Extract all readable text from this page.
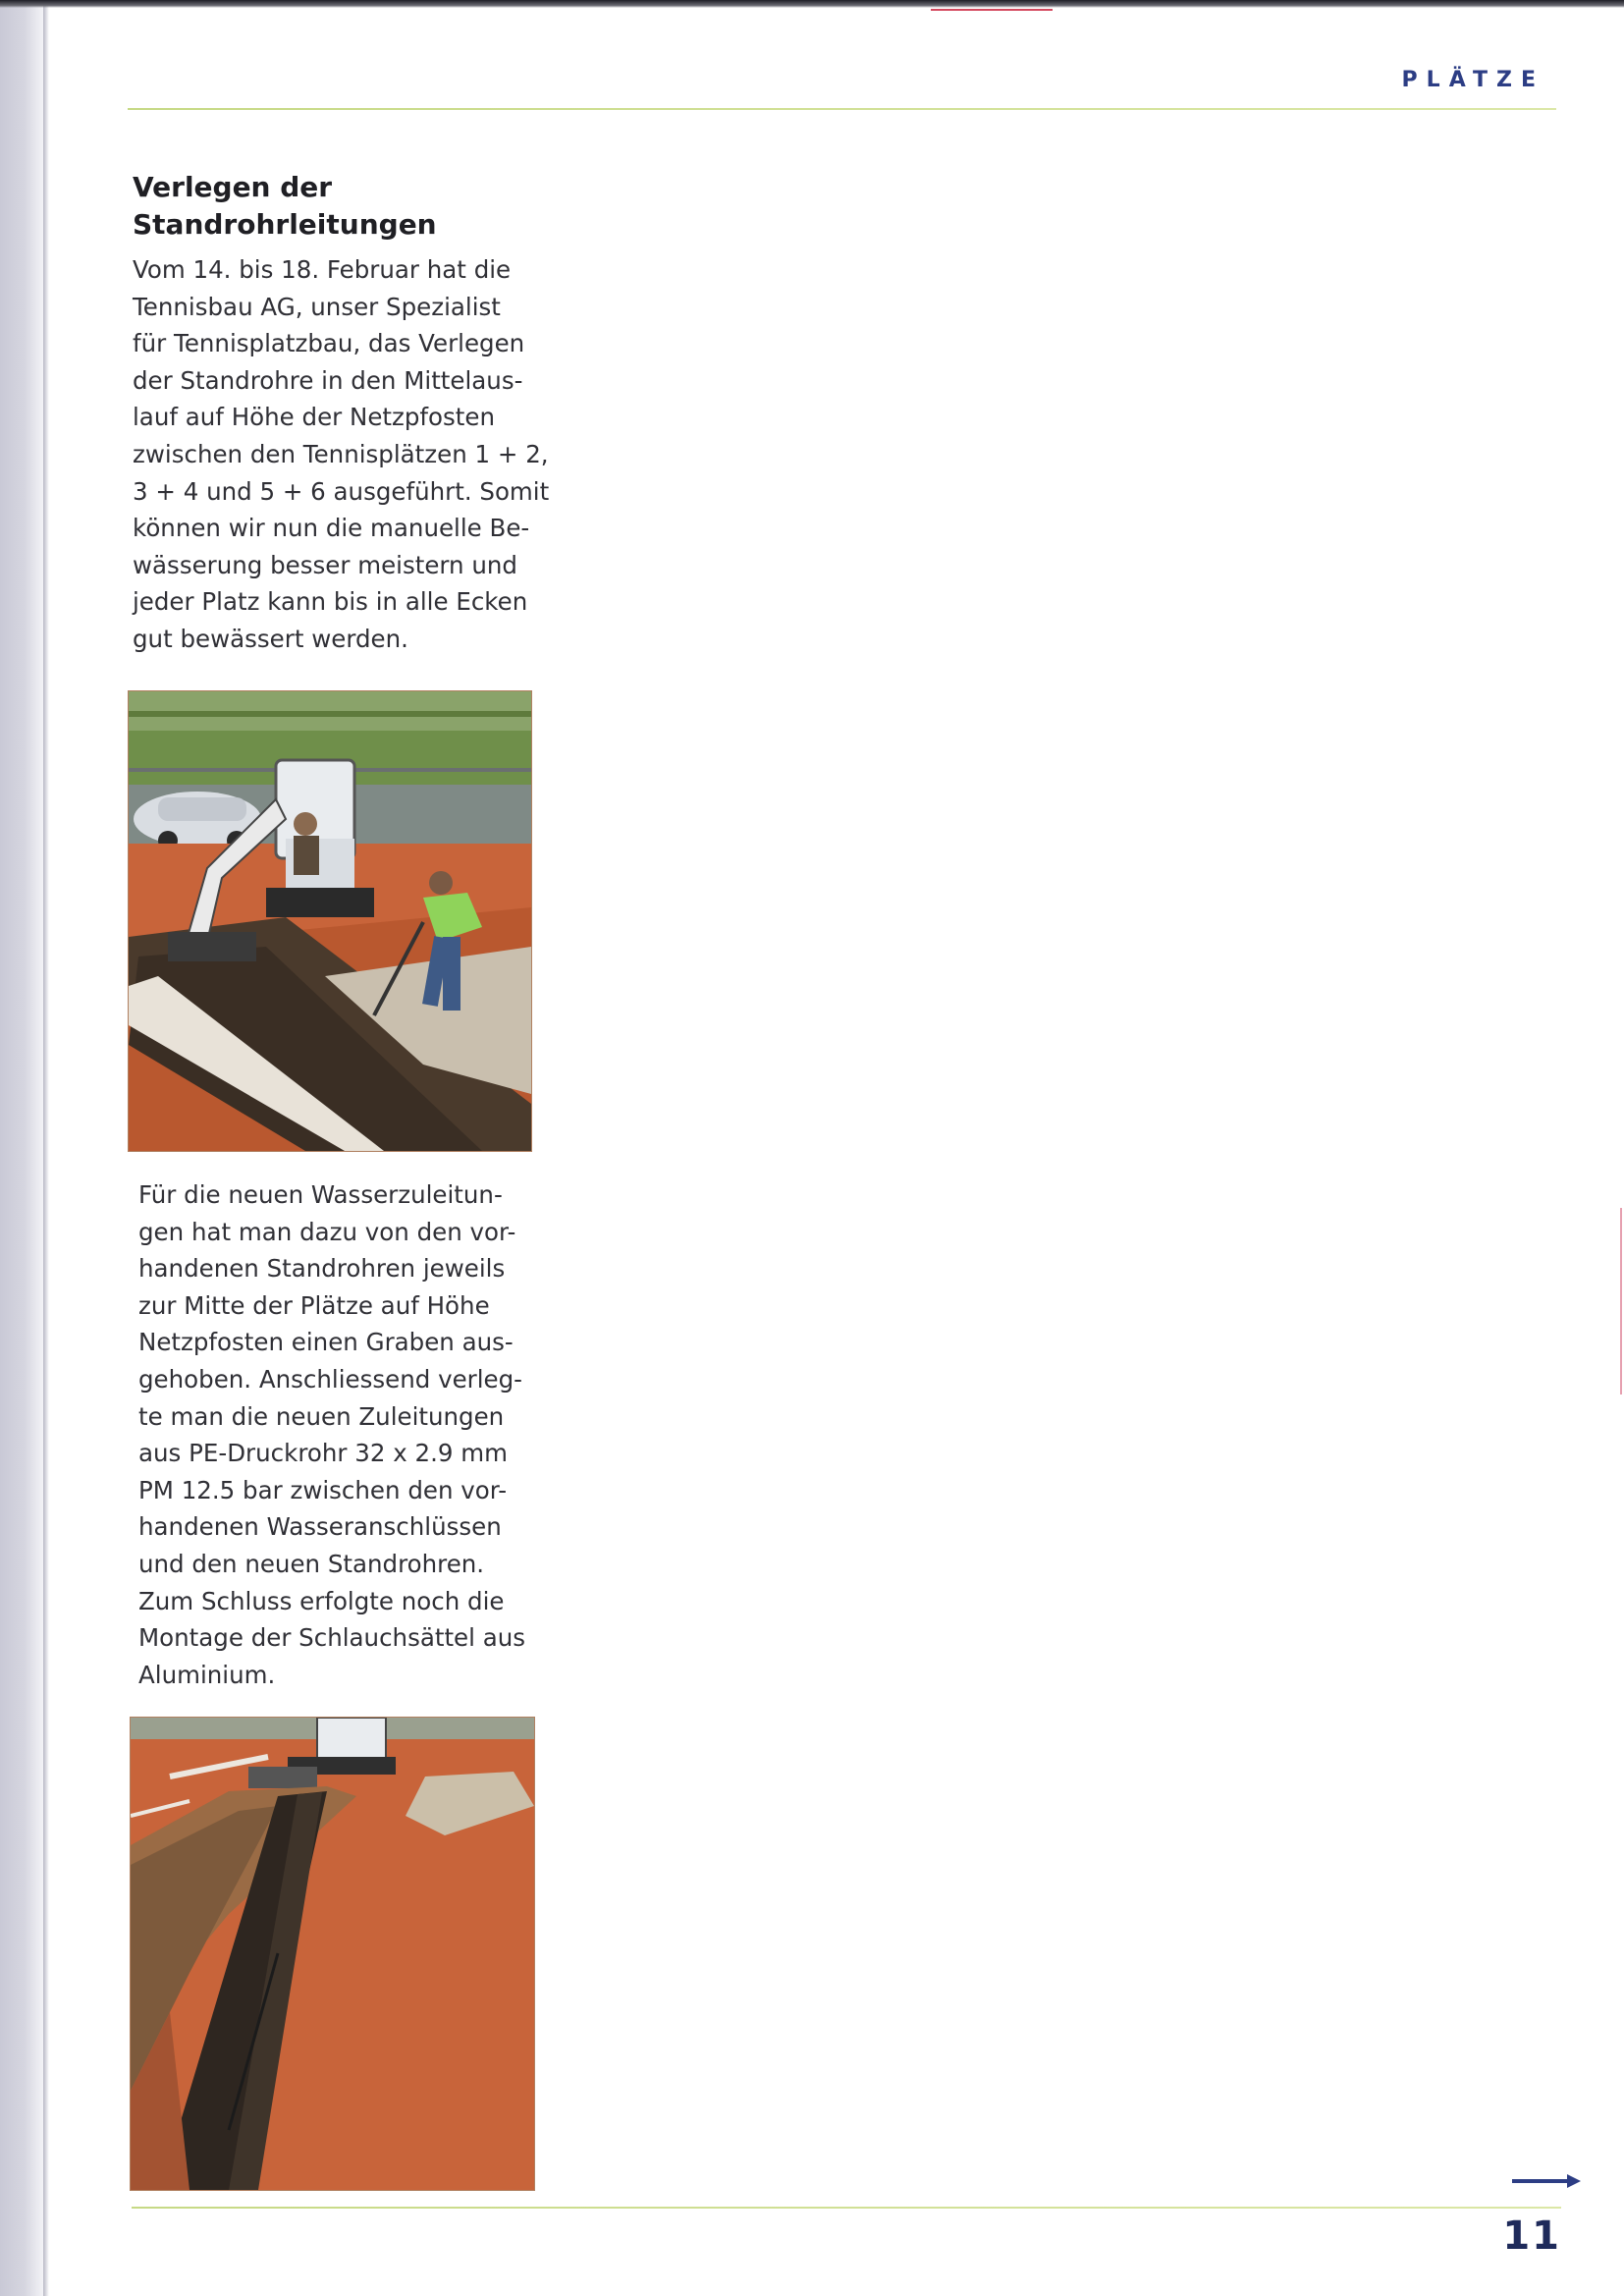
PLÄTZE
Verlegen der
Standrohrleitungen

Vom 14. bis 18. Februar hat die
Tennisbau AG, unser Spezialist
für Tennisplatzbau, das Verlegen
der Standrohre in den Mittelaus-
lauf auf Höhe der Netzpfosten
zwischen den Tennisplätzen 1 + 2,
3 + 4 und 5 + 6 ausgeführt. Somit
können wir nun die manuelle Be-
wässerung besser meistern und
jeder Platz kann bis in alle Ecken
gut bewässert werden.

Für die neuen Wasserzuleitun-
gen hat man dazu von den vor-
handenen Standrohren jeweils
zur Mitte der Plätze auf Höhe
Netzpfosten einen Graben aus-
gehoben. Anschliessend verleg-
te man die neuen Zuleitungen
aus PE-Druckrohr 32 x 2.9 mm
PM 12.5 bar zwischen den vor-
handenen Wasseranschlüssen
und den neuen Standrohren.
Zum Schluss erfolgte noch die
Montage der Schlauchsättel aus
Aluminium.

11
